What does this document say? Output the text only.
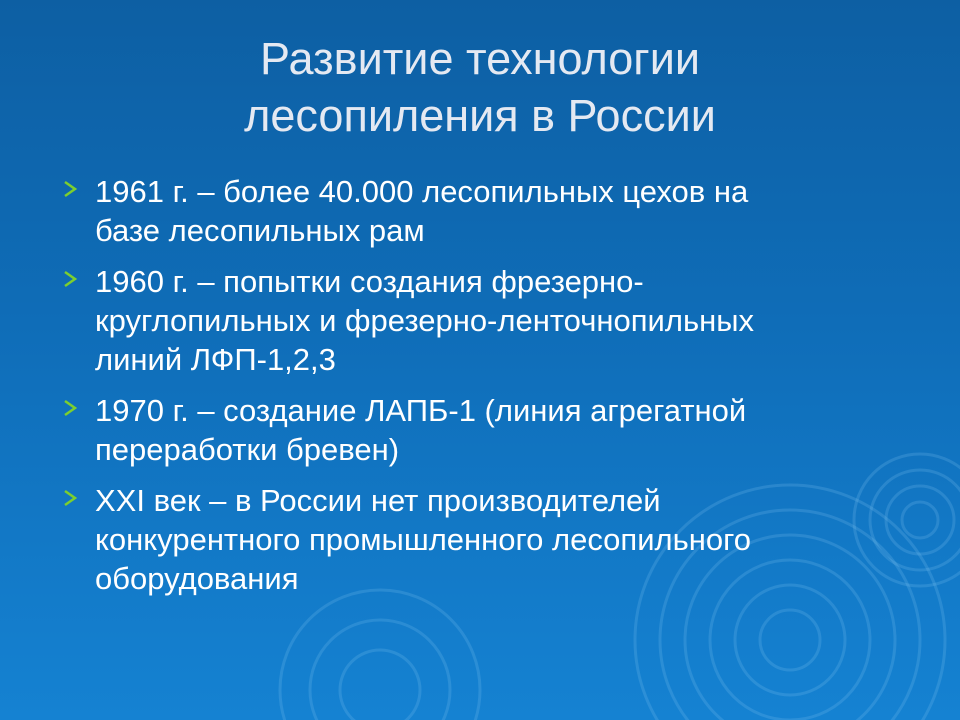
Развитие технологии
лесопиления в России
1961 г. – более 40.000 лесопильных цехов на
базе лесопильных рам
1960 г. – попытки создания фрезерно-
круглопильных и фрезерно-ленточнопильных
линий ЛФП-1,2,3
1970 г. – создание ЛАПБ-1 (линия агрегатной
переработки бревен)
XXI век – в России нет производителей
конкурентного промышленного лесопильного
оборудования
